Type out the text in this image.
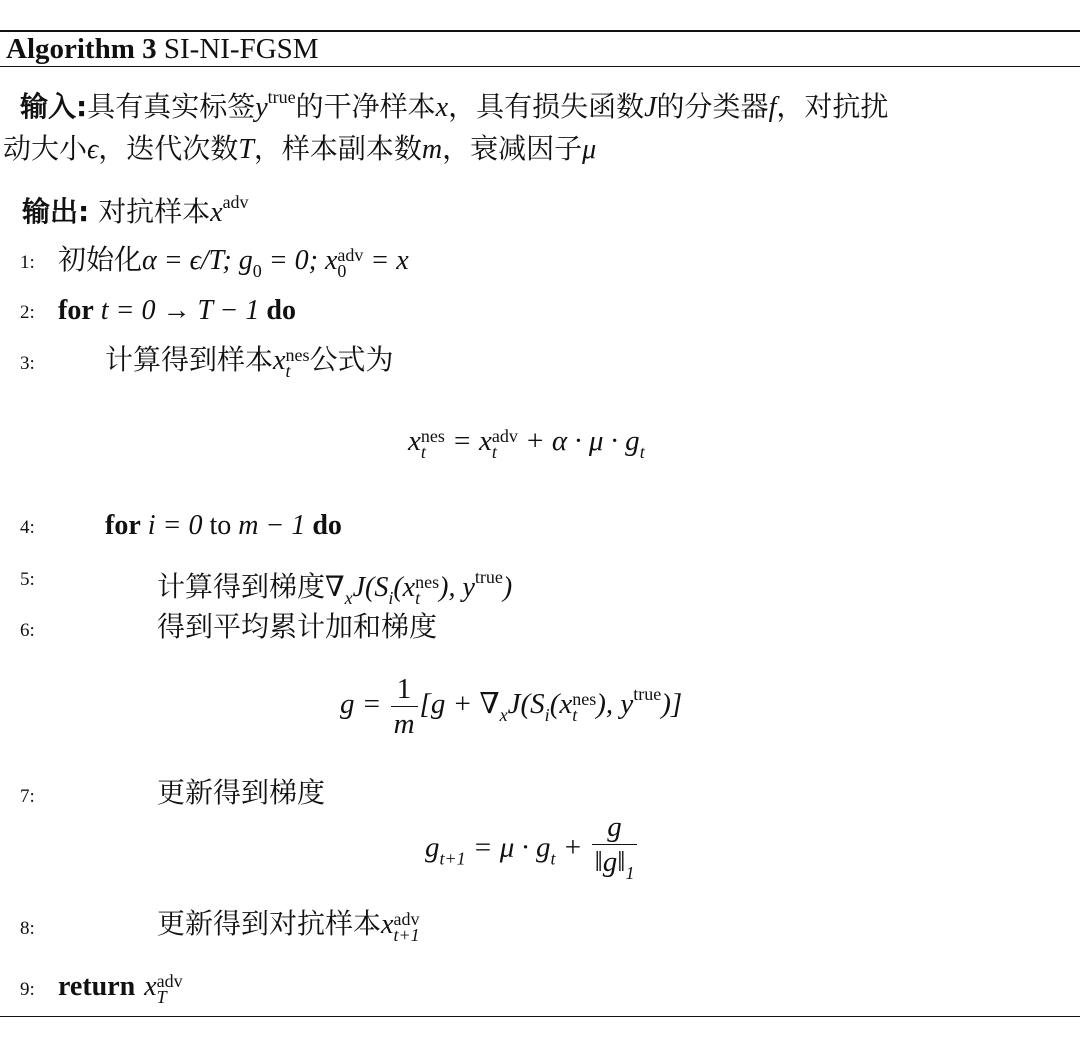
Algorithm 3 SI-NI-FGSM
输入:具有真实标签$y^{true}$的干净样本x，具有损失函数J的分类器f，对抗扰
动大小ϵ，迭代次数T，样本副本数m，衰减因子μ
输出: 对抗样本$x^{adv}$
1: 初始化α = ϵ/T; $g_0 = 0$; x adv
0 = x
2: for t = 0 → T − 1 do
3:	计算得到样本x nes
t 公式为
x nes
t = x adv
$t + \alpha \cdot \mu \cdot g_t$
4:	for i = 0 to m − 1 do
5:	计算得到梯度$\nabla_xJ(S_i(x$ nes
t ), $y^{true}$)
6:	得到平均累计加和梯度
$g = \frac{1}{m} [g + \nabla_xJ(S_i(x$ nes
t ), $y^{true}$)]
7:	更新得到梯度
$g_{t+1} = \mu \cdot g_t + \frac{g}{‖g‖_1}$
8:	更新得到对抗样本x adv
t+1
9: return x adv
T
